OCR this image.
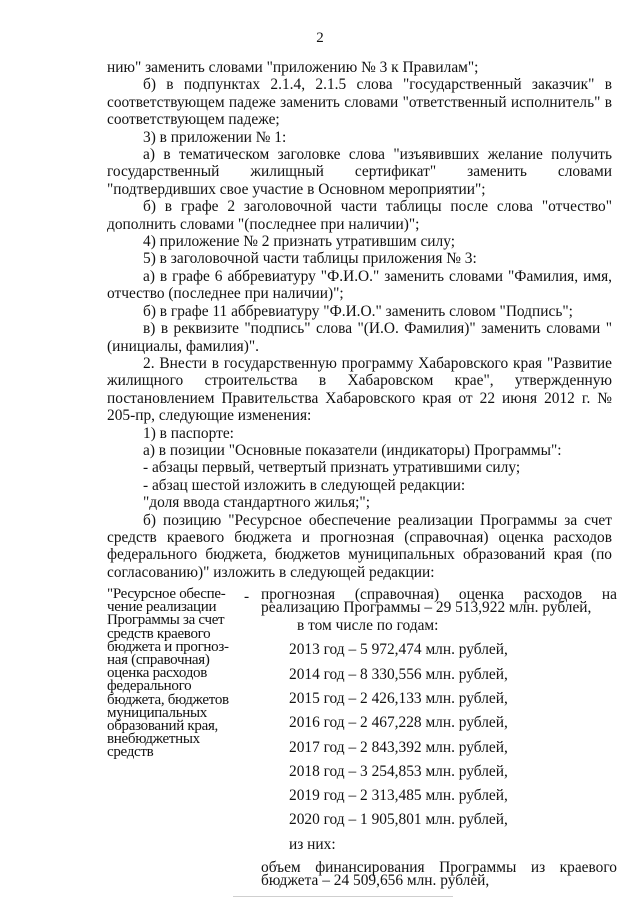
2

нию" заменить словами "приложению № 3 к Правилам";

б) в подпунктах 2.1.4, 2.1.5 слова "государственный заказчик" в соответствующем падеже заменить словами "ответственный исполнитель" в соответствующем падеже;

3) в приложении № 1:

а) в тематическом заголовке слова "изъявивших желание получить государственный жилищный сертификат" заменить словами "подтвердивших свое участие в Основном мероприятии";

б) в графе 2 заголовочной части таблицы после слова "отчество" дополнить словами "(последнее при наличии)";

4) приложение № 2 признать утратившим силу;

5) в заголовочной части таблицы приложения № 3:

а) в графе 6 аббревиатуру "Ф.И.О." заменить словами "Фамилия, имя, отчество (последнее при наличии)";

б) в графе 11 аббревиатуру "Ф.И.О." заменить словом "Подпись";

в) в реквизите "подпись" слова "(И.О. Фамилия)" заменить словами "(инициалы, фамилия)".

2. Внести в государственную программу Хабаровского края "Развитие жилищного строительства в Хабаровском крае", утвержденную постановлением Правительства Хабаровского края от 22 июня 2012 г. № 205-пр, следующие изменения:

1) в паспорте:

а) в позиции "Основные показатели (индикаторы) Программы":

- абзацы первый, четвертый признать утратившими силу;

- абзац шестой изложить в следующей редакции:

"доля ввода стандартного жилья;";

б) позицию "Ресурсное обеспечение реализации Программы за счет средств краевого бюджета и прогнозная (справочная) оценка расходов федерального бюджета, бюджетов муниципальных образований края (по согласованию)" изложить в следующей редакции:

"Ресурсное обеспе-
чение реализации
Программы за счет
средств краевого
бюджета и прогноз-
ная (справочная)
оценка расходов
федерального
бюджета, бюджетов
муниципальных
образований края,
внебюджетных
средств
- прогнозная (справочная) оценка расходов на реализацию Программы – 29 513,922 млн. рублей,
в том числе по годам:
2013 год – 5 972,474 млн. рублей,
2014 год – 8 330,556 млн. рублей,
2015 год – 2 426,133 млн. рублей,
2016 год – 2 467,228 млн. рублей,
2017 год – 2 843,392 млн. рублей,
2018 год – 3 254,853 млн. рублей,
2019 год – 2 313,485 млн. рублей,
2020 год – 1 905,801 млн. рублей,
из них:
объем финансирования Программы из краевого бюджета – 24 509,656 млн. рублей,
